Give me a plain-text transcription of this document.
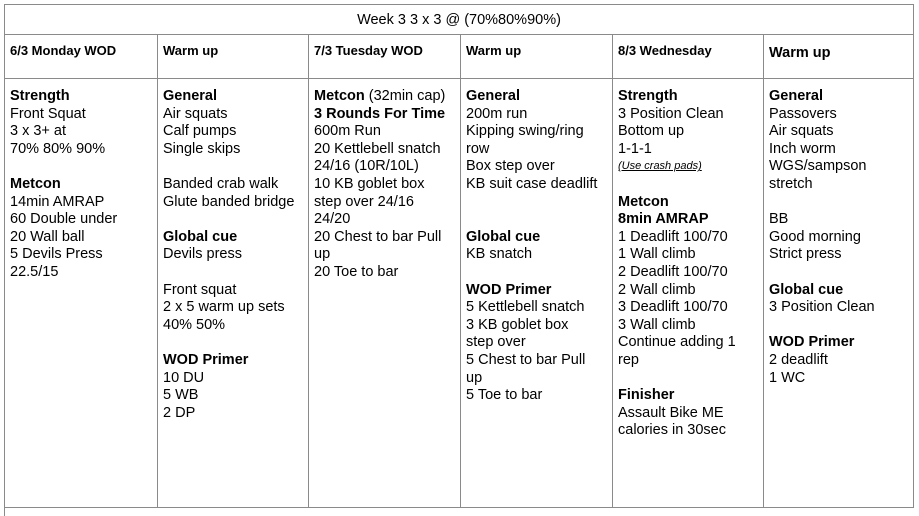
Week 3 3 x 3 @ (70%80%90%)
6/3 Monday WOD
Strength
Front Squat
3 x 3+ at
70% 80% 90%
Metcon
14min AMRAP
60 Double under
20 Wall ball
5 Devils Press
22.5/15
Warm up
General
Air squats
Calf pumps
Single skips
Banded crab walk
Glute banded bridge
Global cue
Devils press
Front squat
2 x 5 warm up sets
40% 50%
WOD Primer
10 DU
5 WB
2 DP
7/3 Tuesday WOD
Metcon (32min cap)
3 Rounds For Time
600m Run
20 Kettlebell snatch
24/16 (10R/10L)
10 KB goblet box
step over 24/16
24/20
20 Chest to bar Pull
up
20 Toe to bar
Warm up
General
200m run
Kipping swing/ring
row
Box step over
KB suit case deadlift
Global cue
KB snatch
WOD Primer
5 Kettlebell snatch
3 KB goblet box
step over
5 Chest to bar Pull
up
5 Toe to bar
8/3 Wednesday
Strength
3 Position Clean
Bottom up
1-1-1
(Use crash pads)
Metcon
8min AMRAP
1 Deadlift 100/70
1 Wall climb
2 Deadlift 100/70
2 Wall climb
3 Deadlift 100/70
3 Wall climb
Continue adding 1
rep
Finisher
Assault Bike ME
calories in 30sec
Warm up
General
Passovers
Air squats
Inch worm
WGS/sampson
stretch
BB
Good morning
Strict press
Global cue
3 Position Clean
WOD Primer
2 deadlift
1 WC
